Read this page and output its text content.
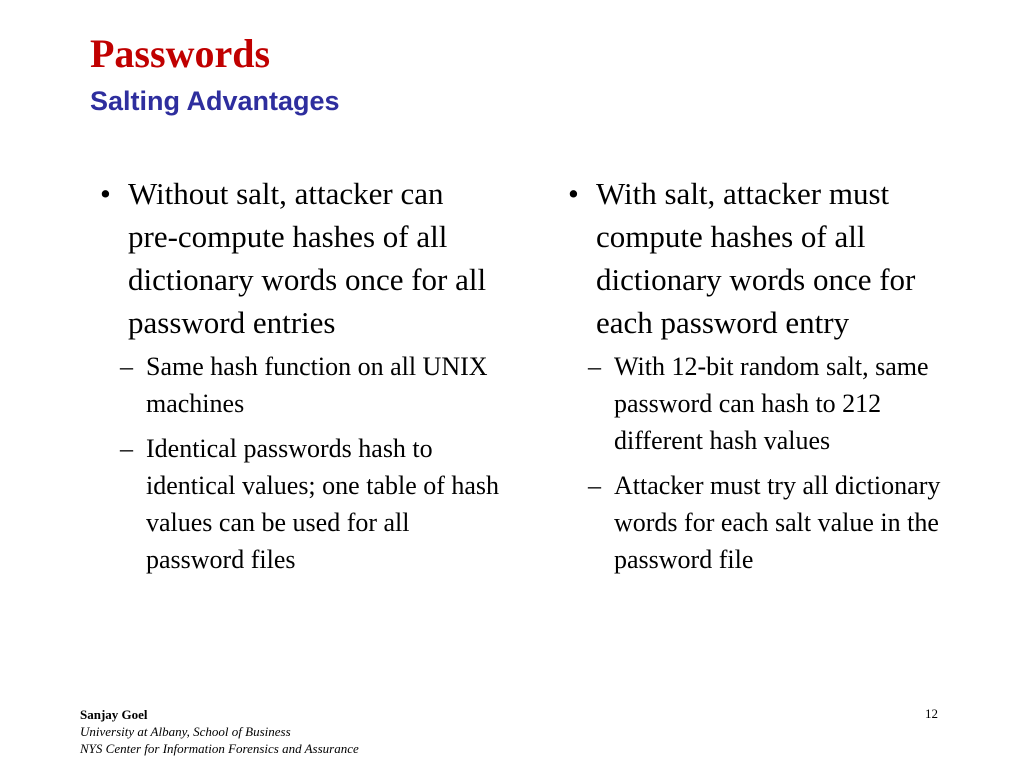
Passwords
Salting Advantages
• Without salt, attacker can pre-compute hashes of all dictionary words once for all password entries
– Same hash function on all UNIX machines
– Identical passwords hash to identical values; one table of hash values can be used for all password files
• With salt, attacker must compute hashes of all dictionary words once for each password entry
– With 12-bit random salt, same password can hash to 212 different hash values
– Attacker must try all dictionary words for each salt value in the password file
Sanjay Goel
University at Albany, School of Business
NYS Center for Information Forensics and Assurance
12
